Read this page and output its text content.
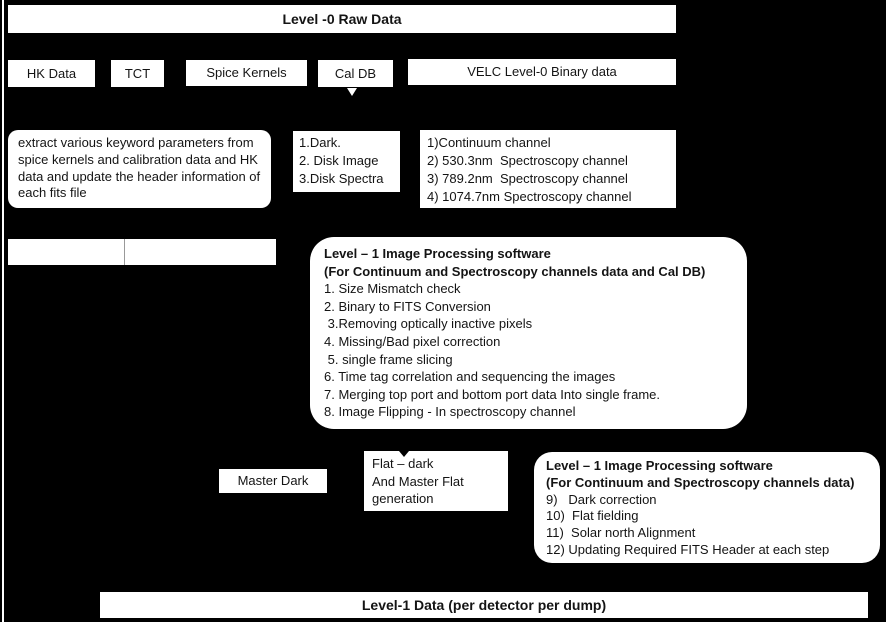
Level -0 Raw Data
HK Data	TCT	Spice Kernels	Cal DB	VELC Level-0 Binary data
extract various keyword parameters from spice kernels and calibration data and HK data and update the header information of each fits file
1.Dark.
2. Disk Image
3.Disk Spectra
1)Continuum channel
2) 530.3nm  Spectroscopy channel
3) 789.2nm  Spectroscopy channel
4) 1074.7nm Spectroscopy channel
Level – 1 Image Processing software
(For Continuum and Spectroscopy channels data and Cal DB)
1. Size Mismatch check
2. Binary to FITS Conversion
3.Removing optically inactive pixels
4. Missing/Bad pixel correction
5. single frame slicing
6. Time tag correlation and sequencing the images
7. Merging top port and bottom port data Into single frame.
8. Image Flipping - In spectroscopy channel
Master Dark
Flat – dark
And Master Flat
generation
Level – 1 Image Processing software
(For Continuum and Spectroscopy channels data)
9)   Dark correction
10)  Flat fielding
11)  Solar north Alignment
12) Updating Required FITS Header at each step
Level-1 Data (per detector per dump)
